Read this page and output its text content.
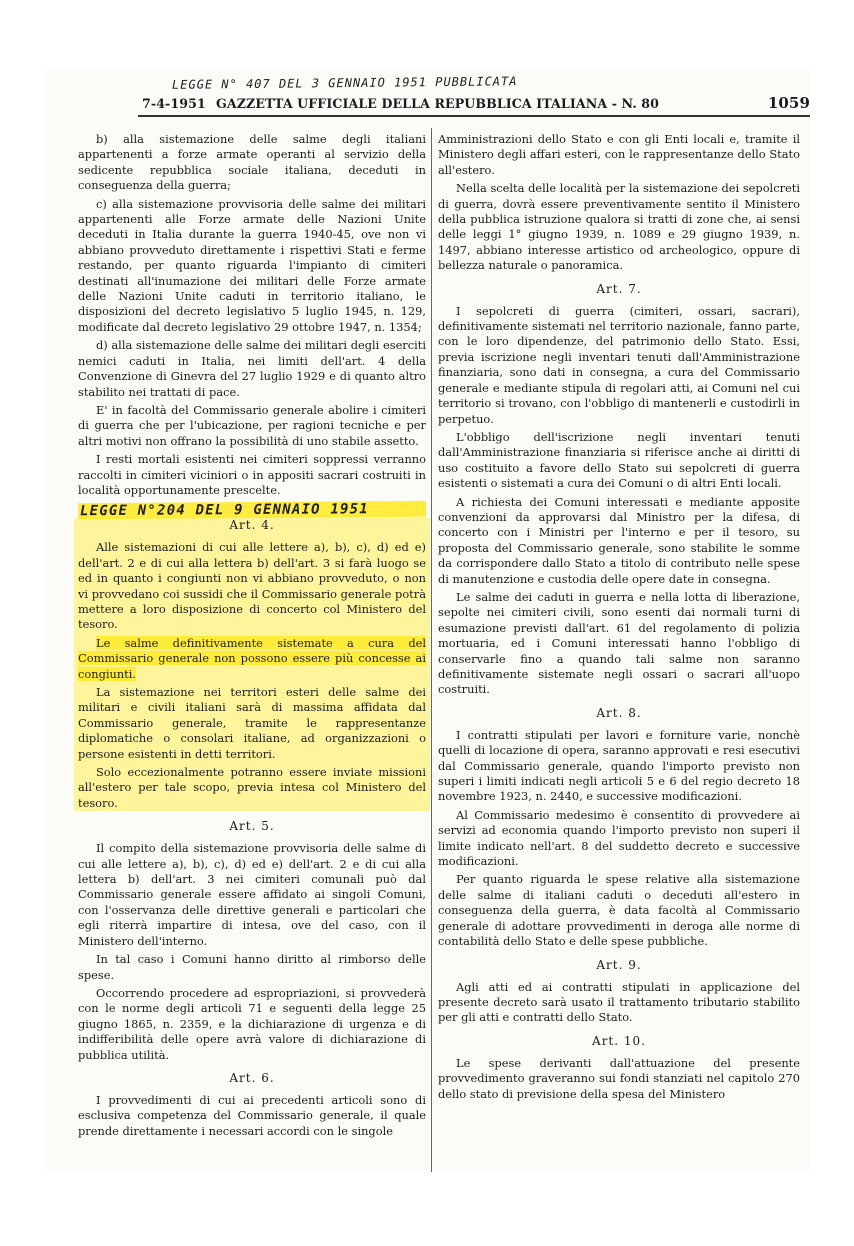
LEGGE N° 407 DEL 3 GENNAIO 1951 PUBBLICATA
7-4-1951 GAZZETTA UFFICIALE DELLA REPUBBLICA ITALIANA - N. 80	1059

b) alla sistemazione delle salme degli italiani appartenenti a forze armate operanti al servizio della sedicente repubblica sociale italiana, deceduti in conseguenza della guerra;

c) alla sistemazione provvisoria delle salme dei militari appartenenti alle Forze armate delle Nazioni Unite deceduti in Italia durante la guerra 1940-45, ove non vi abbiano provveduto direttamente i rispettivi Stati e ferme restando, per quanto riguarda l'impianto di cimiteri destinati all'inumazione dei militari delle Forze armate delle Nazioni Unite caduti in territorio italiano, le disposizioni del decreto legislativo 5 luglio 1945, n. 129, modificate dal decreto legislativo 29 ottobre 1947, n. 1354;

d) alla sistemazione delle salme dei militari degli eserciti nemici caduti in Italia, nei limiti dell'art. 4 della Convenzione di Ginevra del 27 luglio 1929 e di quanto altro stabilito nei trattati di pace.

E' in facoltà del Commissario generale abolire i cimiteri di guerra che per l'ubicazione, per ragioni tecniche e per altri motivi non offrano la possibilità di uno stabile assetto.

I resti mortali esistenti nei cimiteri soppressi verranno raccolti in cimiteri viciniori o in appositi sacrari costruiti in località opportunamente prescelte.

LEGGE N°204 DEL 9 GENNAIO 1951
Art. 4.

Alle sistemazioni di cui alle lettere a), b), c), d) ed e) dell'art. 2 e di cui alla lettera b) dell'art. 3 si farà luogo se ed in quanto i congiunti non vi abbiano provveduto, o non vi provvedano coi sussidi che il Commissario generale potrà mettere a loro disposizione di concerto col Ministero del tesoro.

Le salme definitivamente sistemate a cura del Commissario generale non possono essere più concesse ai congiunti.

La sistemazione nei territori esteri delle salme dei militari e civili italiani sarà di massima affidata dal Commissario generale, tramite le rappresentanze diplomatiche o consolari italiane, ad organizzazioni o persone esistenti in detti territori.

Solo eccezionalmente potranno essere inviate missioni all'estero per tale scopo, previa intesa col Ministero del tesoro.

Art. 5.

Il compito della sistemazione provvisoria delle salme di cui alle lettere a), b), c), d) ed e) dell'art. 2 e di cui alla lettera b) dell'art. 3 nei cimiteri comunali può dal Commissario generale essere affidato ai singoli Comuni, con l'osservanza delle direttive generali e particolari che egli riterrà impartire di intesa, ove del caso, con il Ministero dell'interno.

In tal caso i Comuni hanno diritto al rimborso delle spese.

Occorrendo procedere ad espropriazioni, si provvederà con le norme degli articoli 71 e seguenti della legge 25 giugno 1865, n. 2359, e la dichiarazione di urgenza e di indifferibilità delle opere avrà valore di dichiarazione di pubblica utilità.

Art. 6.

I provvedimenti di cui ai precedenti articoli sono di esclusiva competenza del Commissario generale, il quale prende direttamente i necessari accordi con le singole

Amministrazioni dello Stato e con gli Enti locali e, tramite il Ministero degli affari esteri, con le rappresentanze dello Stato all'estero.

Nella scelta delle località per la sistemazione dei sepolcreti di guerra, dovrà essere preventivamente sentito il Ministero della pubblica istruzione qualora si tratti di zone che, ai sensi delle leggi 1° giugno 1939, n. 1089 e 29 giugno 1939, n. 1497, abbiano interesse artistico od archeologico, oppure di bellezza naturale o panoramica.

Art. 7.

I sepolcreti di guerra (cimiteri, ossari, sacrari), definitivamente sistemati nel territorio nazionale, fanno parte, con le loro dipendenze, del patrimonio dello Stato. Essi, previa iscrizione negli inventari tenuti dall'Amministrazione finanziaria, sono dati in consegna, a cura del Commissario generale e mediante stipula di regolari atti, ai Comuni nel cui territorio si trovano, con l'obbligo di mantenerli e custodirli in perpetuo.

L'obbligo dell'iscrizione negli inventari tenuti dall'Amministrazione finanziaria si riferisce anche ai diritti di uso costituito a favore dello Stato sui sepolcreti di guerra esistenti o sistemati a cura dei Comuni o di altri Enti locali.

A richiesta dei Comuni interessati e mediante apposite convenzioni da approvarsi dal Ministro per la difesa, di concerto con i Ministri per l'interno e per il tesoro, su proposta del Commissario generale, sono stabilite le somme da corrispondere dallo Stato a titolo di contributo nelle spese di manutenzione e custodia delle opere date in consegna.

Le salme dei caduti in guerra e nella lotta di liberazione, sepolte nei cimiteri civili, sono esenti dai normali turni di esumazione previsti dall'art. 61 del regolamento di polizia mortuaria, ed i Comuni interessati hanno l'obbligo di conservarle fino a quando tali salme non saranno definitivamente sistemate negli ossari o sacrari all'uopo costruiti.

Art. 8.

I contratti stipulati per lavori e forniture varie, nonchè quelli di locazione di opera, saranno approvati e resi esecutivi dal Commissario generale, quando l'importo previsto non superi i limiti indicati negli articoli 5 e 6 del regio decreto 18 novembre 1923, n. 2440, e successive modificazioni.

Al Commissario medesimo è consentito di provvedere ai servizi ad economia quando l'importo previsto non superi il limite indicato nell'art. 8 del suddetto decreto e successive modificazioni.

Per quanto riguarda le spese relative alla sistemazione delle salme di italiani caduti o deceduti all'estero in conseguenza della guerra, è data facoltà al Commissario generale di adottare provvedimenti in deroga alle norme di contabilità dello Stato e delle spese pubbliche.

Art. 9.

Agli atti ed ai contratti stipulati in applicazione del presente decreto sarà usato il trattamento tributario stabilito per gli atti e contratti dello Stato.

Art. 10.

Le spese derivanti dall'attuazione del presente provvedimento graveranno sui fondi stanziati nel capitolo 270 dello stato di previsione della spesa del Ministero
